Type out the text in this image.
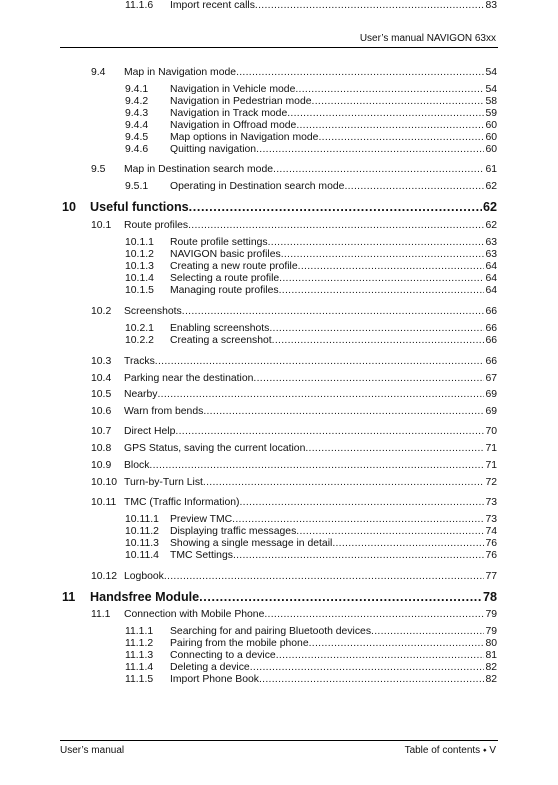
User’s manual NAVIGON 63xx
9.4	Map in Navigation mode .....	54
9.4.1	Navigation in Vehicle mode .....	54
9.4.2	Navigation in Pedestrian mode .....	58
9.4.3	Navigation in Track mode .....	59
9.4.4	Navigation in Offroad mode .....	60
9.4.5	Map options in Navigation mode .....	60
9.4.6	Quitting navigation .....	60
9.5	Map in Destination search mode .....	61
9.5.1	Operating in Destination search mode .....	62
10	Useful functions .....	62
10.1	Route profiles .....	62
10.1.1	Route profile settings .....	63
10.1.2	NAVIGON basic profiles .....	63
10.1.3	Creating a new route profile .....	64
10.1.4	Selecting a route profile .....	64
10.1.5	Managing route profiles .....	64
10.2	Screenshots .....	66
10.2.1	Enabling screenshots .....	66
10.2.2	Creating a screenshot .....	66
10.3	Tracks .....	66
10.4	Parking near the destination .....	67
10.5	Nearby .....	69
10.6	Warn from bends .....	69
10.7	Direct Help .....	70
10.8	GPS Status, saving the current location .....	71
10.9	Block .....	71
10.10 Turn-by-Turn List .....	72
10.11 TMC (Traffic Information) .....	73
10.11.1	Preview TMC .....	73
10.11.2	Displaying traffic messages .....	74
10.11.3	Showing a single message in detail .....	76
10.11.4	TMC Settings .....	76
10.12 Logbook .....	77
11	Handsfree Module .....	78
11.1	Connection with Mobile Phone .....	79
11.1.1	Searching for and pairing Bluetooth devices .....	79
11.1.2	Pairing from the mobile phone .....	80
11.1.3	Connecting to a device .....	81
11.1.4	Deleting a device .....	82
11.1.5	Import Phone Book .....	82
11.1.6	Import recent calls .....	83
User’s manual	Table of contents ⬩ V
